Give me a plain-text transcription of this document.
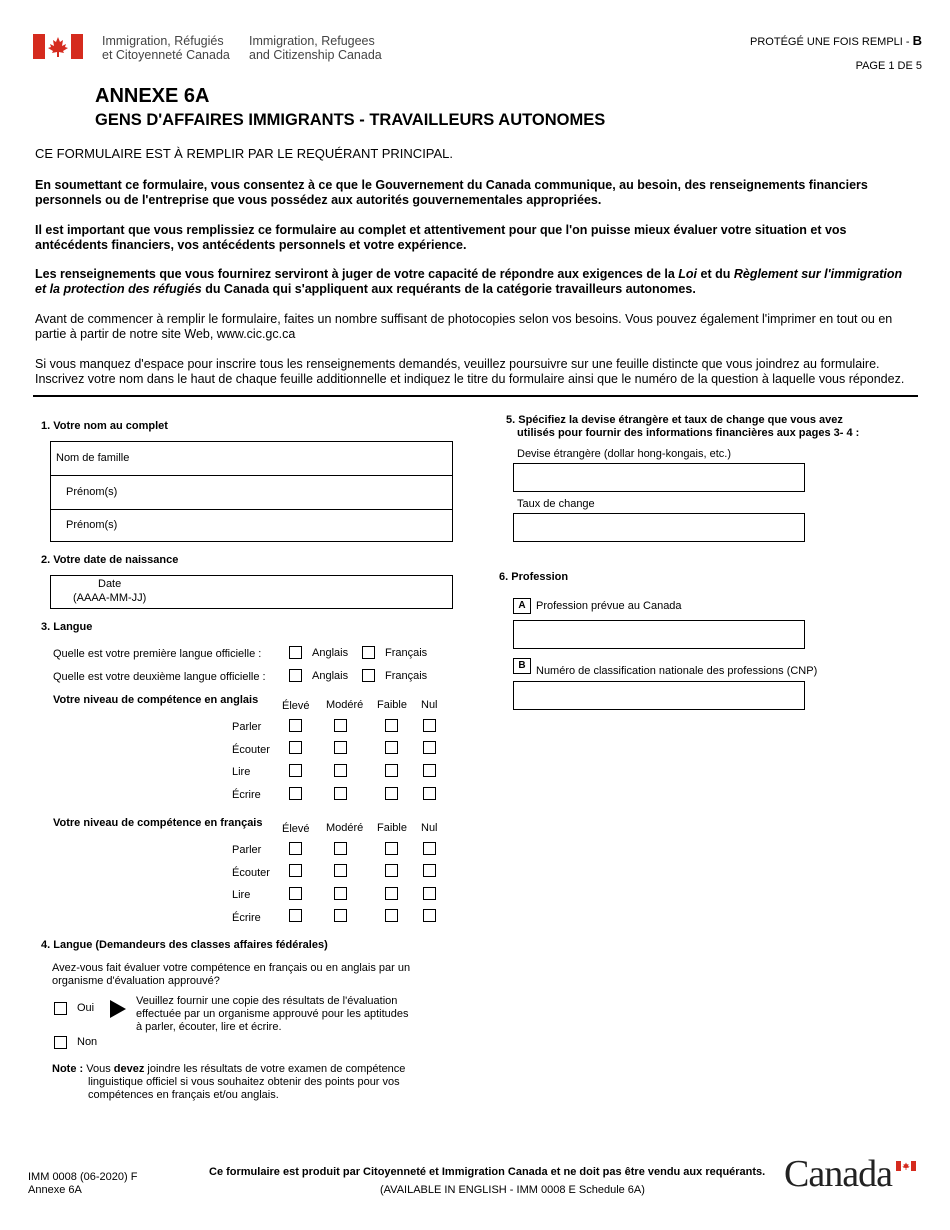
Immigration, Réfugiés
et Citoyenneté Canada
Immigration, Refugees
and Citizenship Canada
PROTÉGÉ UNE FOIS REMPLI - B
PAGE 1 DE 5
ANNEXE 6A
GENS D'AFFAIRES IMMIGRANTS - TRAVAILLEURS AUTONOMES
CE FORMULAIRE EST À REMPLIR PAR LE REQUÉRANT PRINCIPAL.
En soumettant ce formulaire, vous consentez à ce que le Gouvernement du Canada communique, au besoin, des renseignements financiers personnels ou de l'entreprise que vous possédez aux autorités gouvernementales appropriées.
Il est important que vous remplissiez ce formulaire au complet et attentivement pour que l'on puisse mieux évaluer votre situation et vos antécédents financiers, vos antécédents personnels et votre expérience.
Les renseignements que vous fournirez serviront à juger de votre capacité de répondre aux exigences de la Loi et du Règlement sur l'immigration et la protection des réfugiés du Canada qui s'appliquent aux requérants de la catégorie travailleurs autonomes.
Avant de commencer à remplir le formulaire, faites un nombre suffisant de photocopies selon vos besoins. Vous pouvez également l'imprimer en tout ou en partie à partir de notre site Web, www.cic.gc.ca
Si vous manquez d'espace pour inscrire tous les renseignements demandés, veuillez poursuivre sur une feuille distincte que vous joindrez au formulaire. Inscrivez votre nom dans le haut de chaque feuille additionnelle et indiquez le titre du formulaire ainsi que le numéro de la question à laquelle vous répondez.
1. Votre nom au complet
Nom de famille
Prénom(s)
Prénom(s)
2. Votre date de naissance
Date
(AAAA-MM-JJ)
3. Langue
Quelle est votre première langue officielle :	Anglais	Français
Quelle est votre deuxième langue officielle :	Anglais	Français
Votre niveau de compétence en anglais Élevé Modéré Faible Nul
Parler
Écouter
Lire
Écrire
Votre niveau de compétence en français Élevé Modéré Faible Nul
Parler
Écouter
Lire
Écrire
4. Langue (Demandeurs des classes affaires fédérales)
Avez-vous fait évaluer votre compétence en français ou en anglais par un
organisme d'évaluation approuvé?
Oui
Veuillez fournir une copie des résultats de l'évaluation
effectuée par un organisme approuvé pour les aptitudes
à parler, écouter, lire et écrire.
Non
Note : Vous devez joindre les résultats de votre examen de compétence
linguistique officiel si vous souhaitez obtenir des points pour vos
compétences en français et/ou anglais.
5. Spécifiez la devise étrangère et taux de change que vous avez
utilisés pour fournir des informations financières aux pages 3- 4 :
Devise étrangère (dollar hong-kongais, etc.)
Taux de change
6. Profession
A Profession prévue au Canada
B Numéro de classification nationale des professions (CNP)
IMM 0008 (06-2020) F
Annexe 6A
Ce formulaire est produit par Citoyenneté et Immigration Canada et ne doit pas être vendu aux requérants.
(AVAILABLE IN ENGLISH - IMM 0008 E Schedule 6A)	Canada
